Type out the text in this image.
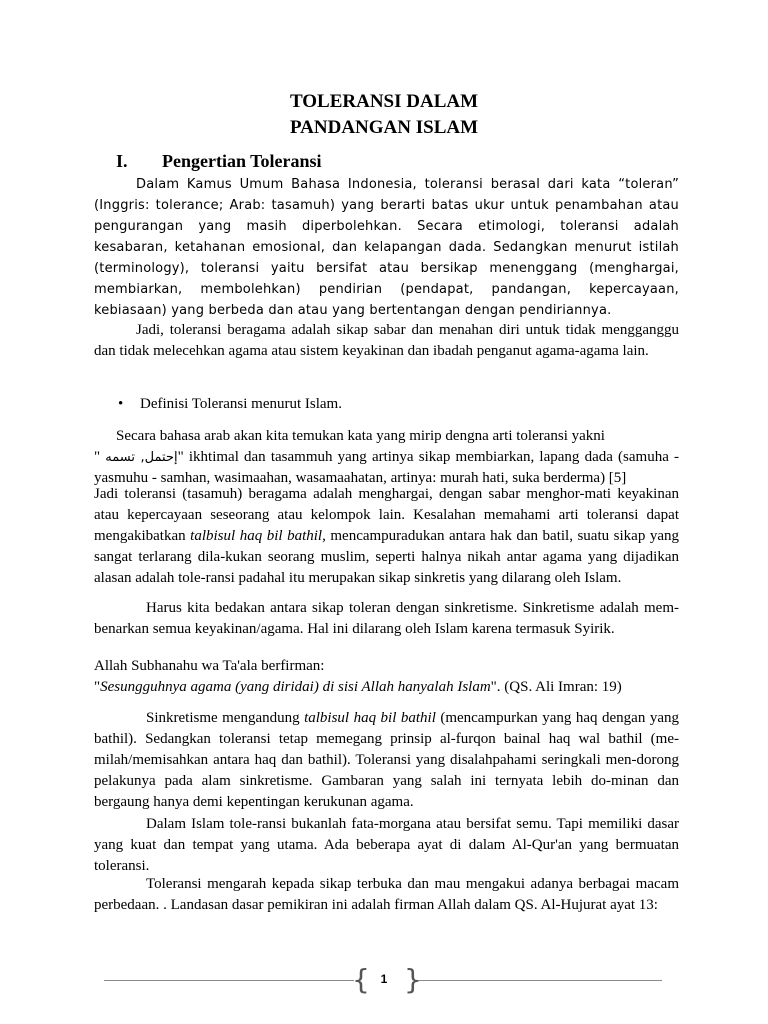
TOLERANSI DALAM
PANDANGAN ISLAM
I. Pengertian Toleransi

Dalam Kamus Umum Bahasa Indonesia, toleransi berasal dari kata “toleran” (Inggris: tolerance; Arab: tasamuh) yang berarti batas ukur untuk penambahan atau pengurangan yang masih diperbolehkan. Secara etimologi, toleransi adalah kesabaran, ketahanan emosional, dan kelapangan dada. Sedangkan menurut istilah (terminology), toleransi yaitu bersifat atau bersikap menenggang (menghargai, membiarkan, membolehkan) pendirian (pendapat, pandangan, kepercayaan, kebiasaan) yang berbeda dan atau yang bertentangan dengan pendiriannya.

Jadi, toleransi beragama adalah sikap sabar dan menahan diri untuk tidak mengganggu dan tidak melecehkan agama atau sistem keyakinan dan ibadah penganut agama-agama lain.

• Definisi Toleransi menurut Islam.

Secara bahasa arab akan kita temukan kata yang mirip dengna arti toleransi yakni

" إحتمل, تسمه" ikhtimal dan tasammuh yang artinya sikap membiarkan, lapang dada (samuha - yasmuhu - samhan, wasimaahan, wasamaahatan, artinya: murah hati, suka berderma) [5]

Jadi toleransi (tasamuh) beragama adalah menghargai, dengan sabar menghor-mati keyakinan atau kepercayaan seseorang atau kelompok lain. Kesalahan memahami arti toleransi dapat mengakibatkan talbisul haq bil bathil, mencampuradukan antara hak dan batil, suatu sikap yang sangat terlarang dila-kukan seorang muslim, seperti halnya nikah antar agama yang dijadikan alasan adalah tole-ransi padahal itu merupakan sikap sinkretis yang dilarang oleh Islam.

Harus kita bedakan antara sikap toleran dengan sinkretisme. Sinkretisme adalah mem-benarkan semua keyakinan/agama. Hal ini dilarang oleh Islam karena termasuk Syirik.

Allah Subhanahu wa Ta'ala berfirman:

"Sesungguhnya agama (yang diridai) di sisi Allah hanyalah Islam". (QS. Ali Imran: 19)

Sinkretisme mengandung talbisul haq bil bathil (mencampurkan yang haq dengan yang bathil). Sedangkan toleransi tetap memegang prinsip al-furqon bainal haq wal bathil (me-milah/memisahkan antara haq dan bathil). Toleransi yang disalahpahami seringkali men-dorong pelakunya pada alam sinkretisme. Gambaran yang salah ini ternyata lebih do-minan dan bergaung hanya demi kepentingan kerukunan agama.

Dalam Islam tole-ransi bukanlah fata-morgana atau bersifat semu. Tapi memiliki dasar yang kuat dan tempat yang utama. Ada beberapa ayat di dalam Al-Qur'an yang bermuatan toleransi.

Toleransi mengarah kepada sikap terbuka dan mau mengakui adanya berbagai macam perbedaan. . Landasan dasar pemikiran ini adalah firman Allah dalam QS. Al-Hujurat ayat 13:

{ }
1
